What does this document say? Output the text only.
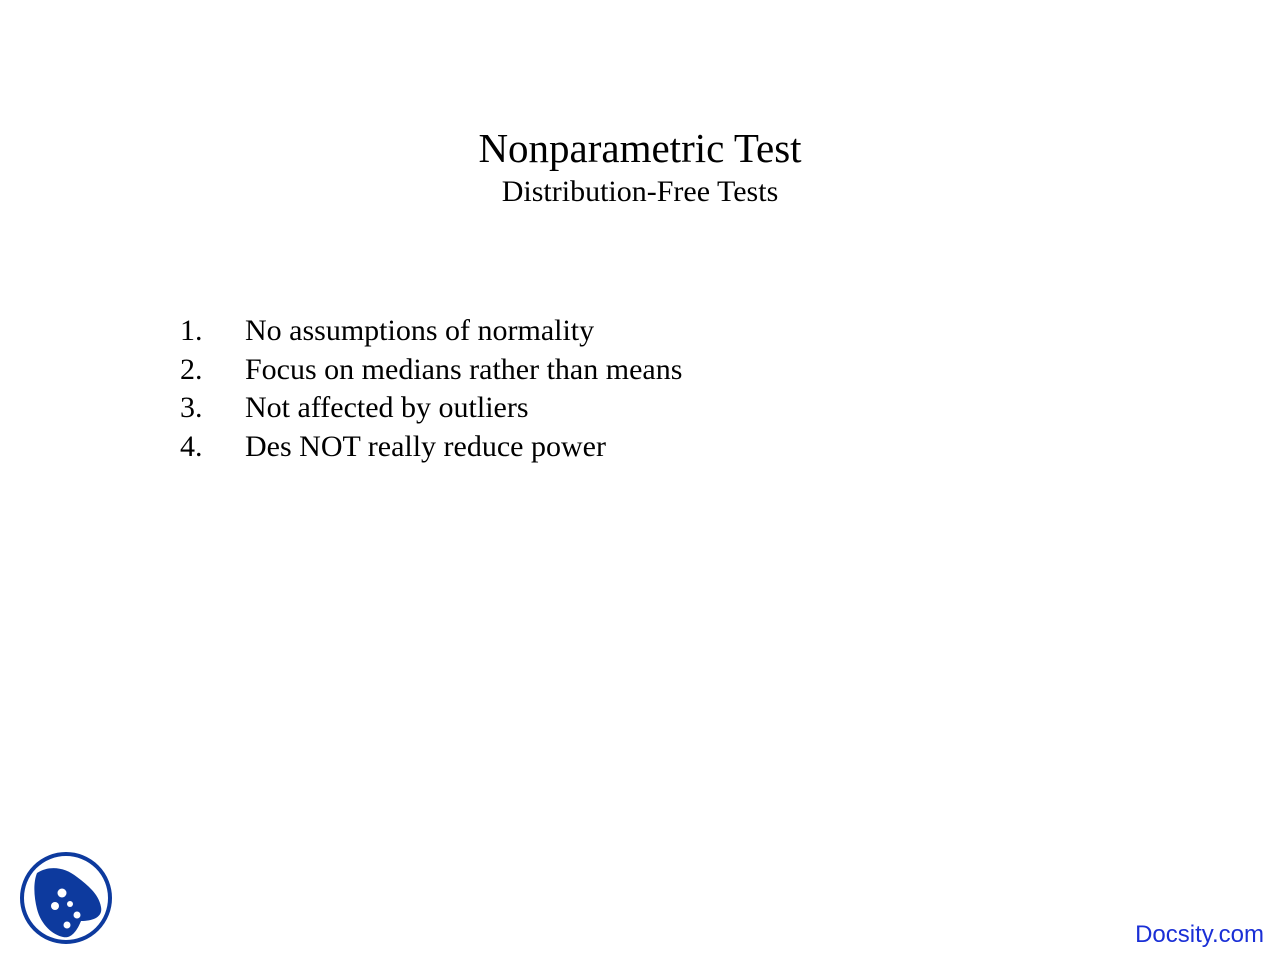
Nonparametric Test
Distribution-Free Tests
1.	No assumptions of normality
2.	Focus on medians rather than means
3.	Not affected by outliers
4.	Des NOT really reduce power
Docsity.com
